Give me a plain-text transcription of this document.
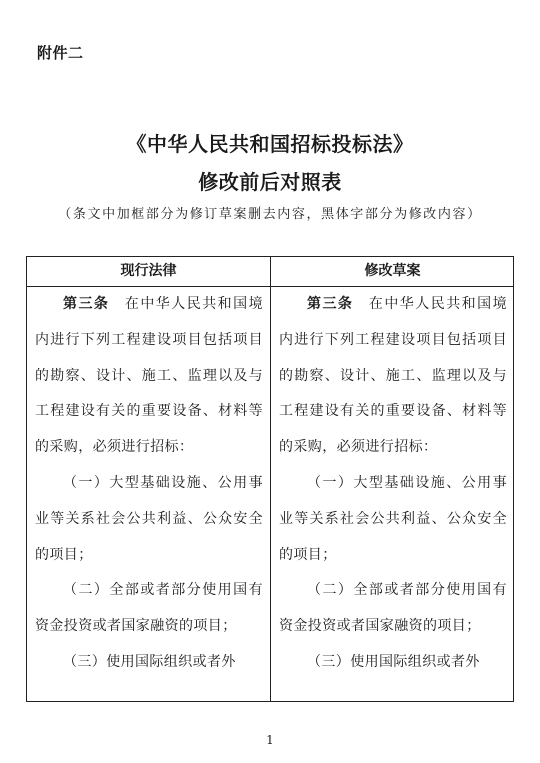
附件二
《中华人民共和国招标投标法》
修改前后对照表
（条文中加框部分为修订草案删去内容，黑体字部分为修改内容）
现行法律	修改草案

第三条  在中华人民共和国境内进行下列工程建设项目包括项目的勘察、设计、施工、监理以及与工程建设有关的重要设备、材料等的采购，必须进行招标：

（一）大型基础设施、公用事业等关系社会公共利益、公众安全的项目；

（二）全部或者部分使用国有资金投资或者国家融资的项目；

（三）使用国际组织或者外

第三条  在中华人民共和国境内进行下列工程建设项目包括项目的勘察、设计、施工、监理以及与工程建设有关的重要设备、材料等的采购，必须进行招标：

（一）大型基础设施、公用事业等关系社会公共利益、公众安全的项目；

（二）全部或者部分使用国有资金投资或者国家融资的项目；

（三）使用国际组织或者外

1
